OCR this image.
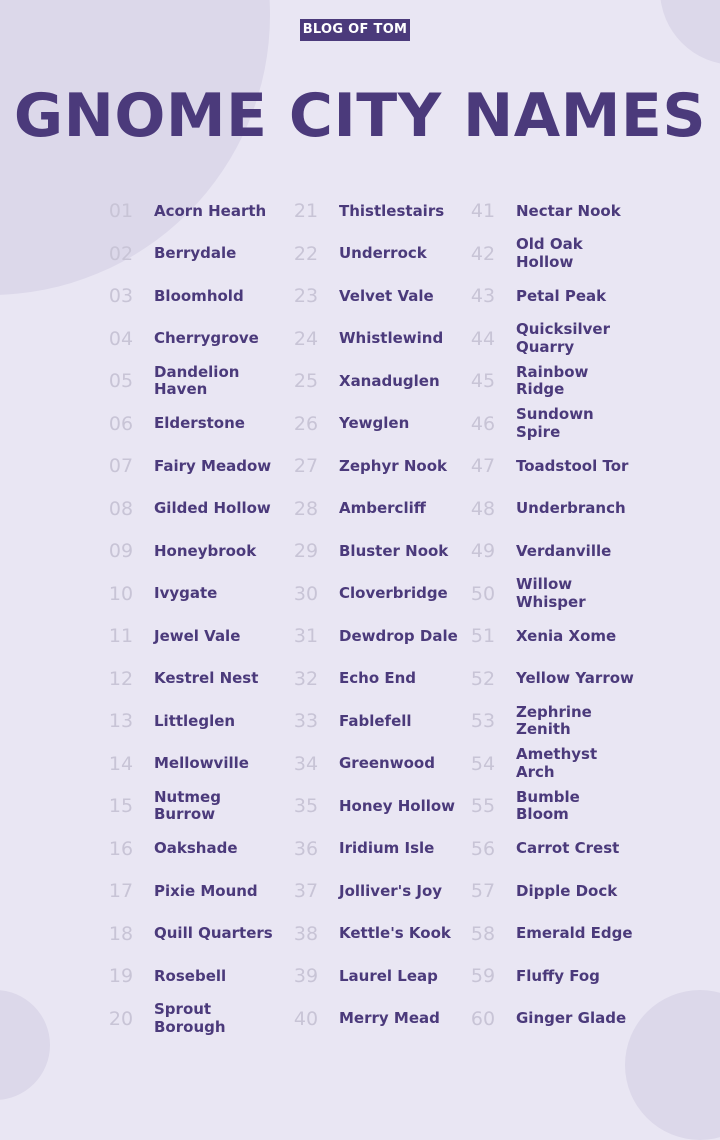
BLOG OF TOM
GNOME CITY NAMES
01	Acorn Hearth
02	Berrydale
03	Bloomhold
04	Cherrygrove
05	Dandelion
Haven
06	Elderstone
07	Fairy Meadow
08	Gilded Hollow
09	Honeybrook
10	Ivygate
11	Jewel Vale
12	Kestrel Nest
13	Littleglen
14	Mellowville
15	Nutmeg
Burrow
16	Oakshade
17	Pixie Mound
18	Quill Quarters
19	Rosebell
20	Sprout
Borough
21	Thistlestairs
22	Underrock
23	Velvet Vale
24	Whistlewind
25	Xanaduglen
26	Yewglen
27	Zephyr Nook
28	Ambercliff
29	Bluster Nook
30	Cloverbridge
31	Dewdrop Dale
32	Echo End
33	Fablefell
34	Greenwood
35	Honey Hollow
36	Iridium Isle
37	Jolliver's Joy
38	Kettle's Kook
39	Laurel Leap
40	Merry Mead
41	Nectar Nook
42	Old Oak
Hollow
43	Petal Peak
44	Quicksilver
Quarry
45	Rainbow
Ridge
46	Sundown
Spire
47	Toadstool Tor
48	Underbranch
49	Verdanville
50	Willow
Whisper
51	Xenia Xome
52	Yellow Yarrow
53	Zephrine
Zenith
54	Amethyst
Arch
55	Bumble
Bloom
56	Carrot Crest
57	Dipple Dock
58	Emerald Edge
59	Fluffy Fog
60	Ginger Glade
